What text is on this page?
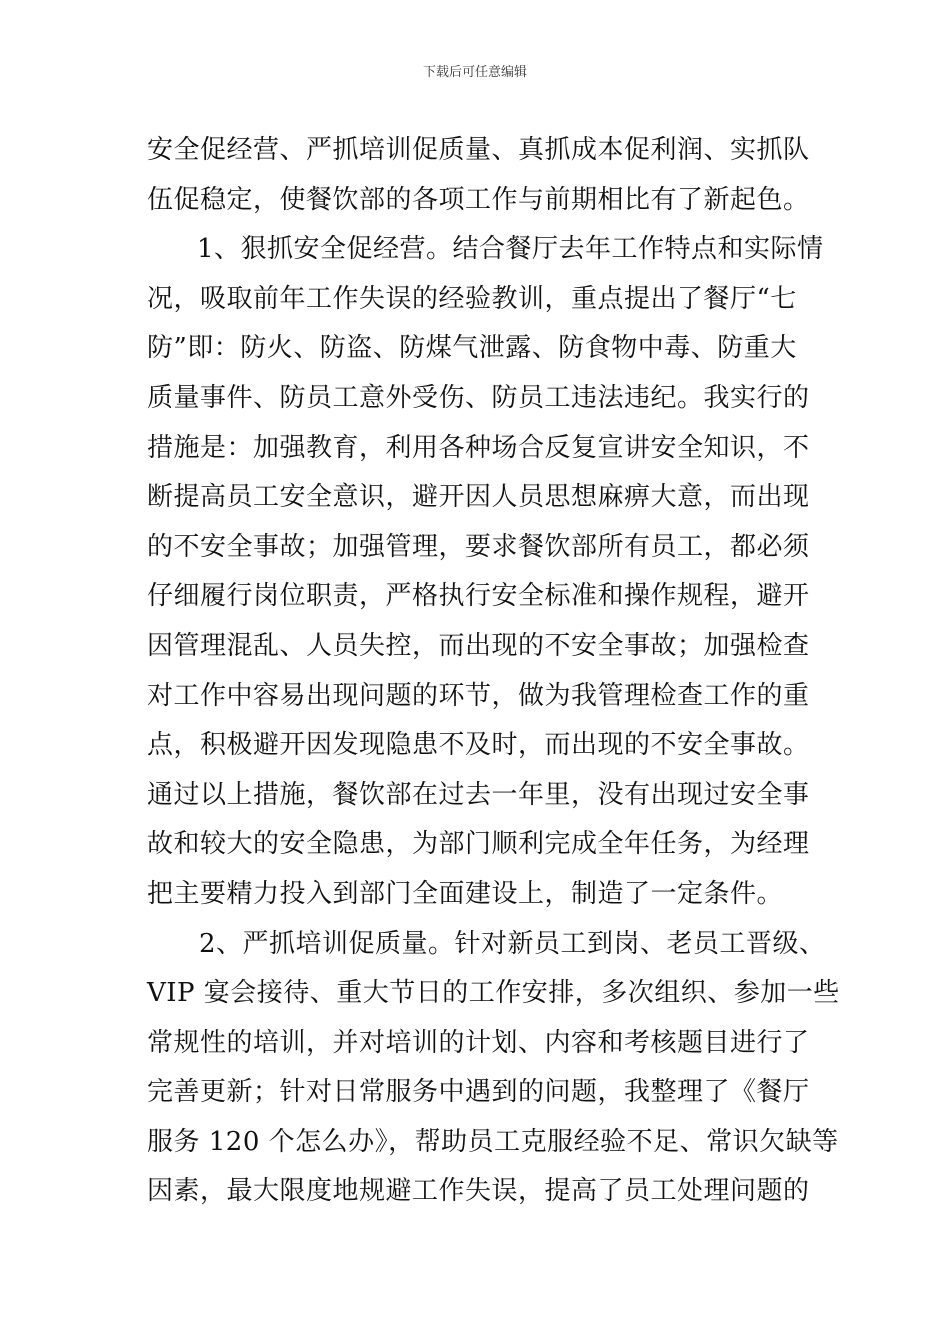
下载后可任意编辑
安全促经营、严抓培训促质量、真抓成本促利润、实抓队
伍促稳定，使餐饮部的各项工作与前期相比有了新起色。
1、狠抓安全促经营。结合餐厅去年工作特点和实际情
况，吸取前年工作失误的经验教训，重点提出了餐厅“七
防”即：防火、防盗、防煤气泄露、防食物中毒、防重大
质量事件、防员工意外受伤、防员工违法违纪。我实行的
措施是：加强教育，利用各种场合反复宣讲安全知识，不
断提高员工安全意识，避开因人员思想麻痹大意，而出现
的不安全事故；加强管理，要求餐饮部所有员工，都必须
仔细履行岗位职责，严格执行安全标准和操作规程，避开
因管理混乱、人员失控，而出现的不安全事故；加强检查
对工作中容易出现问题的环节，做为我管理检查工作的重
点，积极避开因发现隐患不及时，而出现的不安全事故。
通过以上措施，餐饮部在过去一年里，没有出现过安全事
故和较大的安全隐患，为部门顺利完成全年任务，为经理
把主要精力投入到部门全面建设上，制造了一定条件。
2、严抓培训促质量。针对新员工到岗、老员工晋级、
VIP 宴会接待、重大节日的工作安排，多次组织、参加一些
常规性的培训，并对培训的计划、内容和考核题目进行了
完善更新；针对日常服务中遇到的问题，我整理了《餐厅
服务 120 个怎么办》，帮助员工克服经验不足、常识欠缺等
因素，最大限度地规避工作失误，提高了员工处理问题的
